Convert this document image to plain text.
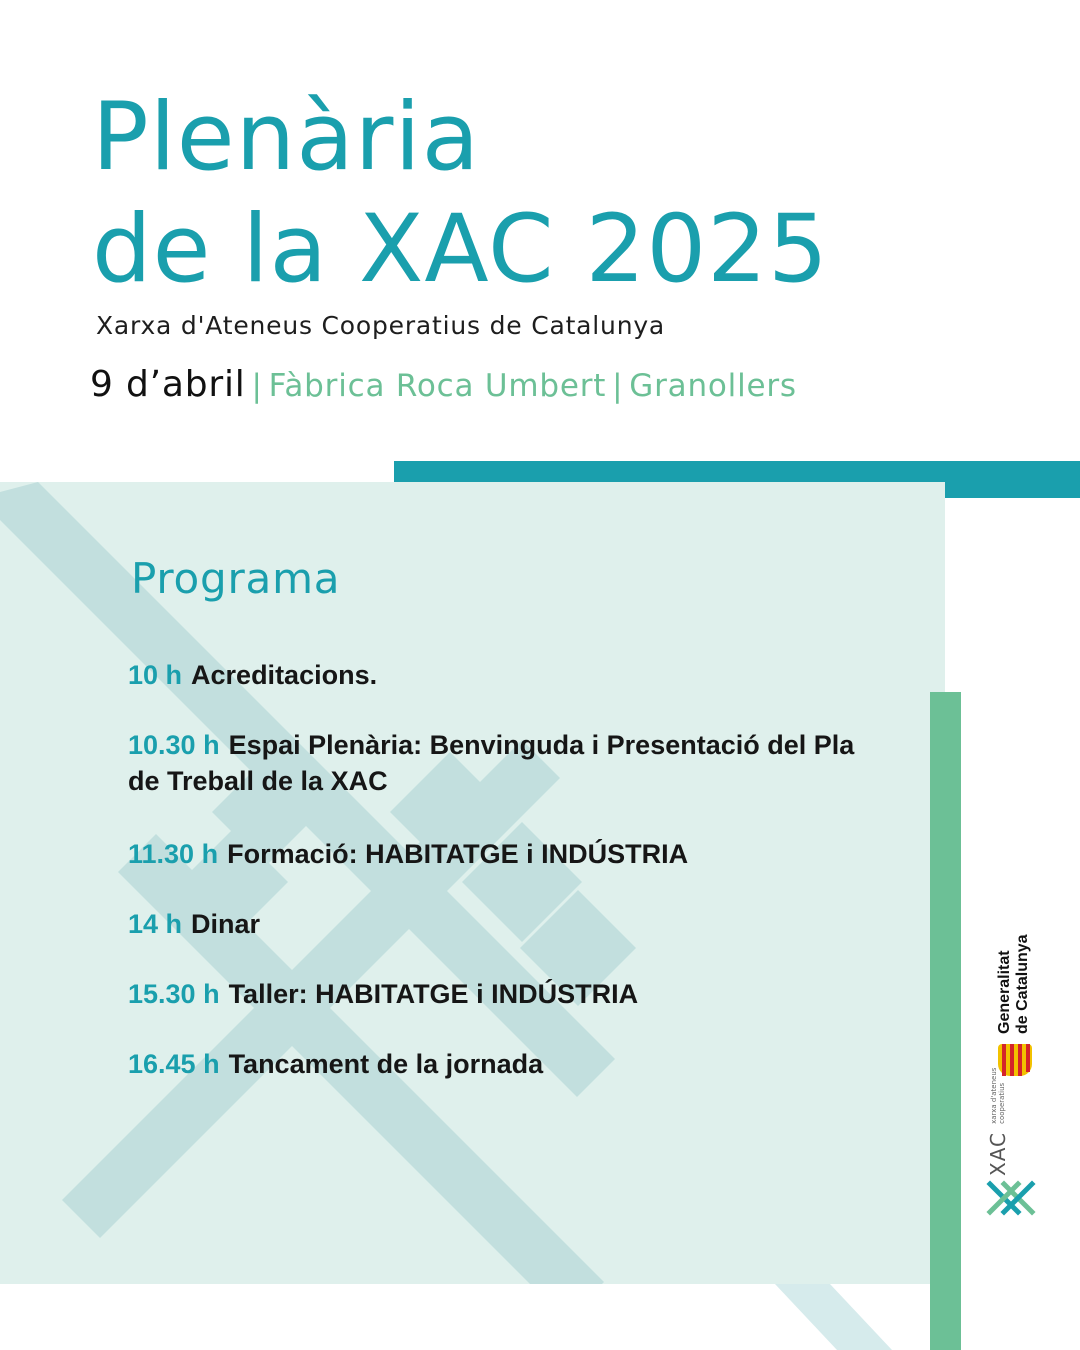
Plenària
de la XAC 2025
Xarxa d'Ateneus Cooperatius de Catalunya
9 d’abril | Fàbrica Roca Umbert | Granollers
Programa
10 h Acreditacions.
10.30 h Espai Plenària: Benvinguda i Presentació del Pla de Treball de la XAC
11.30 h Formació: HABITATGE i INDÚSTRIA
14 h Dinar
15.30 h Taller: HABITATGE i INDÚSTRIA
16.45 h Tancament de la jornada
Generalitat de Catalunya
XAC xarxa d'ateneus
cooperatius
